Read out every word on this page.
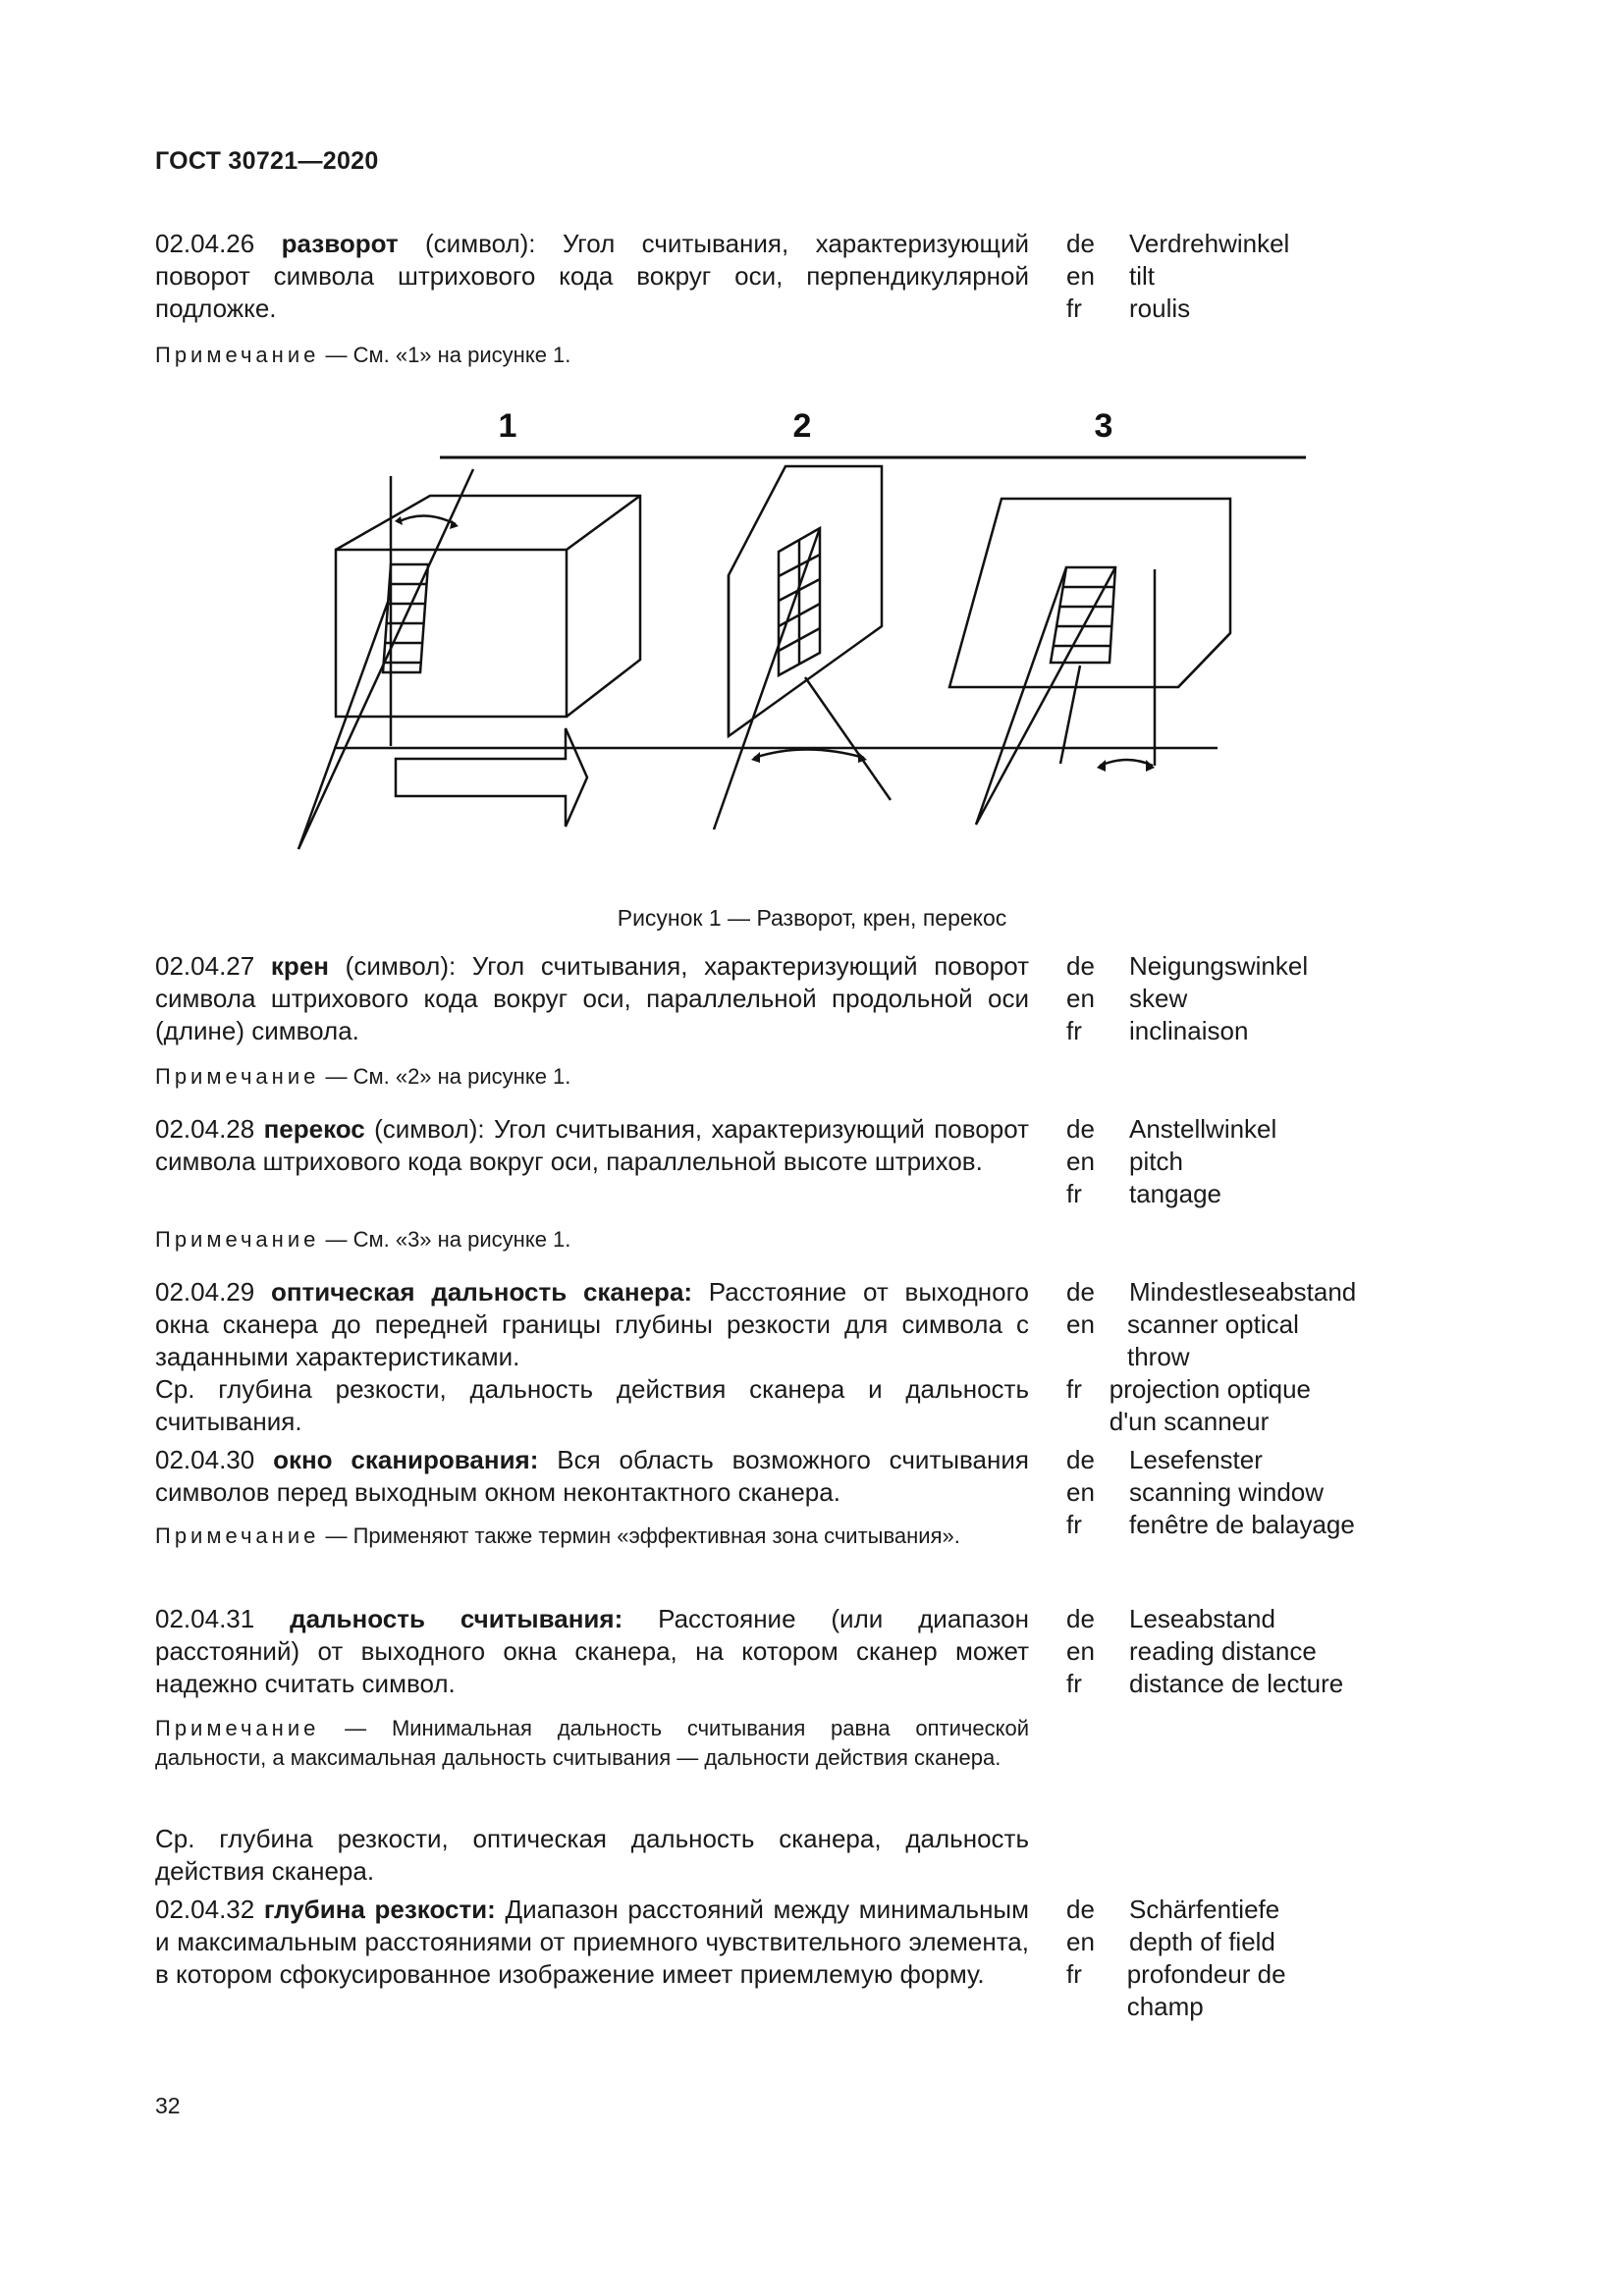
ГОСТ 30721—2020
02.04.26 разворот (символ): Угол считывания, характеризующий поворот символа штрихового кода вокруг оси, перпендикулярной подложке.
de	Verdrehwinkel
en	tilt
fr	roulis
Примечание — См. «1» на рисунке 1.
1	2	3
Рисунок 1 — Разворот, крен, перекос
02.04.27 крен (символ): Угол считывания, характеризующий поворот символа штрихового кода вокруг оси, параллельной продольной оси (длине) символа.
de	Neigungswinkel
en	skew
fr	inclinaison
Примечание — См. «2» на рисунке 1.
02.04.28 перекос (символ): Угол считывания, характеризующий поворот символа штрихового кода вокруг оси, параллельной высоте штрихов.
de	Anstellwinkel
en	pitch
fr	tangage
Примечание — См. «3» на рисунке 1.
02.04.29 оптическая дальность сканера: Расстояние от выходного окна сканера до передней границы глубины резкости для символа с заданными характеристиками.
Ср. глубина резкости, дальность действия сканера и дальность считывания.
de	Mindestleseabstand
en	scanner optical throw
fr	projection optique d'un scanneur
02.04.30 окно сканирования: Вся область возможного считывания символов перед выходным окном неконтактного сканера.
de	Lesefenster
en	scanning window
fr	fenêtre de balayage
Примечание — Применяют также термин «эффективная зона считывания».
02.04.31 дальность считывания: Расстояние (или диапазон расстояний) от выходного окна сканера, на котором сканер может надежно считать символ.
de	Leseabstand
en	reading distance
fr	distance de lecture
Примечание — Минимальная дальность считывания равна оптической дальности, а максимальная дальность считывания — дальности действия сканера.
Ср. глубина резкости, оптическая дальность сканера, дальность действия сканера.
02.04.32 глубина резкости: Диапазон расстояний между минимальным и максимальным расстояниями от приемного чувствительного элемента, в котором сфокусированное изображение имеет приемлемую форму.
de	Schärfentiefe
en	depth of field
fr	profondeur de champ
32
